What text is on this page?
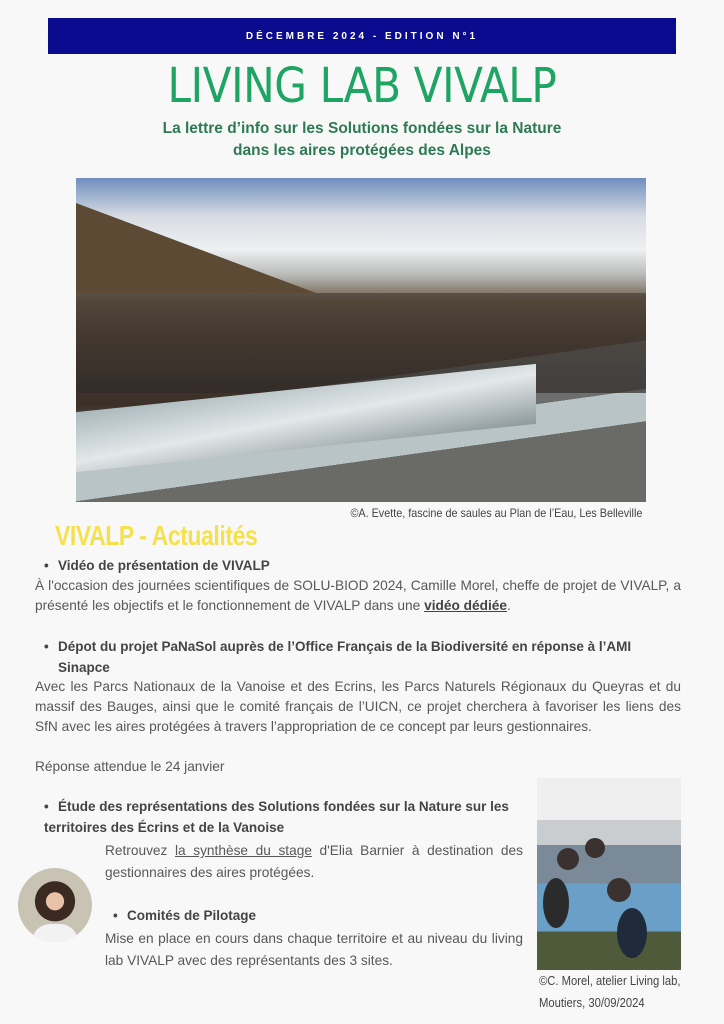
DÉCEMBRE 2024 - EDITION N°1
LIVING LAB VIVALP
La lettre d’info sur les Solutions fondées sur la Nature
dans les aires protégées des Alpes
©A. Evette, fascine de saules au Plan de l’Eau, Les Belleville
VIVALP - Actualités
• Vidéo de présentation de VIVALP
À l'occasion des journées scientifiques de SOLU-BIOD 2024, Camille Morel, cheffe de projet de VIVALP, a présenté les objectifs et le fonctionnement de VIVALP dans une vidéo dédiée.
• Dépot du projet PaNaSol auprès de l’Office Français de la Biodiversité en réponse à l’AMI Sinapce
Avec les Parcs Nationaux de la Vanoise et des Ecrins, les Parcs Naturels Régionaux du Queyras et du massif des Bauges, ainsi que le comité français de l’UICN, ce projet cherchera à favoriser les liens des SfN avec les aires protégées à travers l’appropriation de ce concept par leurs gestionnaires.
Réponse attendue le 24 janvier
• Étude des représentations des Solutions fondées sur la Nature sur les territoires des Écrins et de la Vanoise
Retrouvez la synthèse du stage d'Elia Barnier à destination des gestionnaires des aires protégées.
• Comités de Pilotage
Mise en place en cours dans chaque territoire et au niveau du living lab VIVALP avec des représentants des 3 sites.
©C. Morel, atelier Living lab, Moutiers, 30/09/2024
